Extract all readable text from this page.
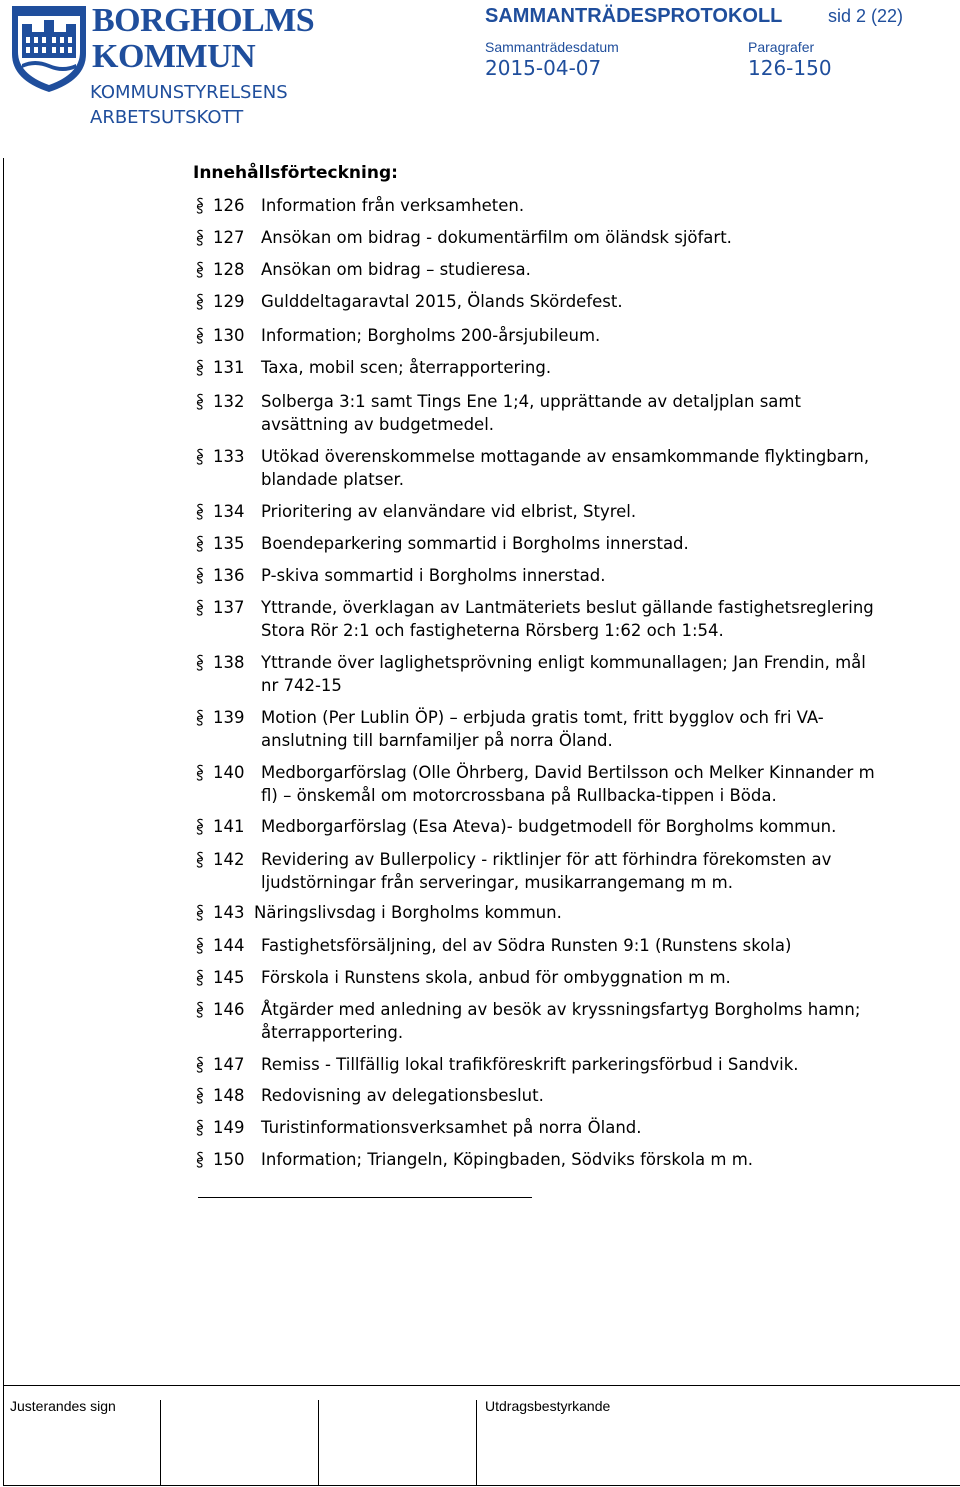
BORGHOLMS
KOMMUN
KOMMUNSTYRELSENS
ARBETSUTSKOTT
SAMMANTRÄDESPROTOKOLL	sid 2 (22)
Sammanträdesdatum
2015-04-07
Paragrafer
126-150
Innehållsförteckning:
126 Information från verksamheten.
127 Ansökan om bidrag - dokumentärfilm om öländsk sjöfart.
128 Ansökan om bidrag – studieresa.
129 Gulddeltagaravtal 2015, Ölands Skördefest.
130 Information; Borgholms 200-årsjubileum.
131 Taxa, mobil scen; återrapportering.
132 Solberga 3:1 samt Tings Ene 1;4, upprättande av detaljplan samt
avsättning av budgetmedel.
133 Utökad överenskommelse mottagande av ensamkommande flyktingbarn,
blandade platser.
134 Prioritering av elanvändare vid elbrist, Styrel.
135 Boendeparkering sommartid i Borgholms innerstad.
136 P-skiva sommartid i Borgholms innerstad.
137 Yttrande, överklagan av Lantmäteriets beslut gällande fastighetsreglering
Stora Rör 2:1 och fastigheterna Rörsberg 1:62 och 1:54.
138 Yttrande över laglighetsprövning enligt kommunallagen; Jan Frendin, mål
nr 742-15
139 Motion (Per Lublin ÖP) – erbjuda gratis tomt, fritt bygglov och fri VA-
anslutning till barnfamiljer på norra Öland.
140 Medborgarförslag (Olle Öhrberg, David Bertilsson och Melker Kinnander m
fl) – önskemål om motorcrossbana på Rullbacka-tippen i Böda.
141 Medborgarförslag (Esa Ateva)- budgetmodell för Borgholms kommun.
142 Revidering av Bullerpolicy - riktlinjer för att förhindra förekomsten av
ljudstörningar från serveringar, musikarrangemang m m.
143 Näringslivsdag i Borgholms kommun.
144 Fastighetsförsäljning, del av Södra Runsten 9:1 (Runstens skola)
145 Förskola i Runstens skola, anbud för ombyggnation m m.
146 Åtgärder med anledning av besök av kryssningsfartyg Borgholms hamn;
återrapportering.
147 Remiss - Tillfällig lokal trafikföreskrift parkeringsförbud i Sandvik.
148 Redovisning av delegationsbeslut.
149 Turistinformationsverksamhet på norra Öland.
150 Information; Triangeln, Köpingbaden, Södviks förskola m m.
Justerandes sign	Utdragsbestyrkande
